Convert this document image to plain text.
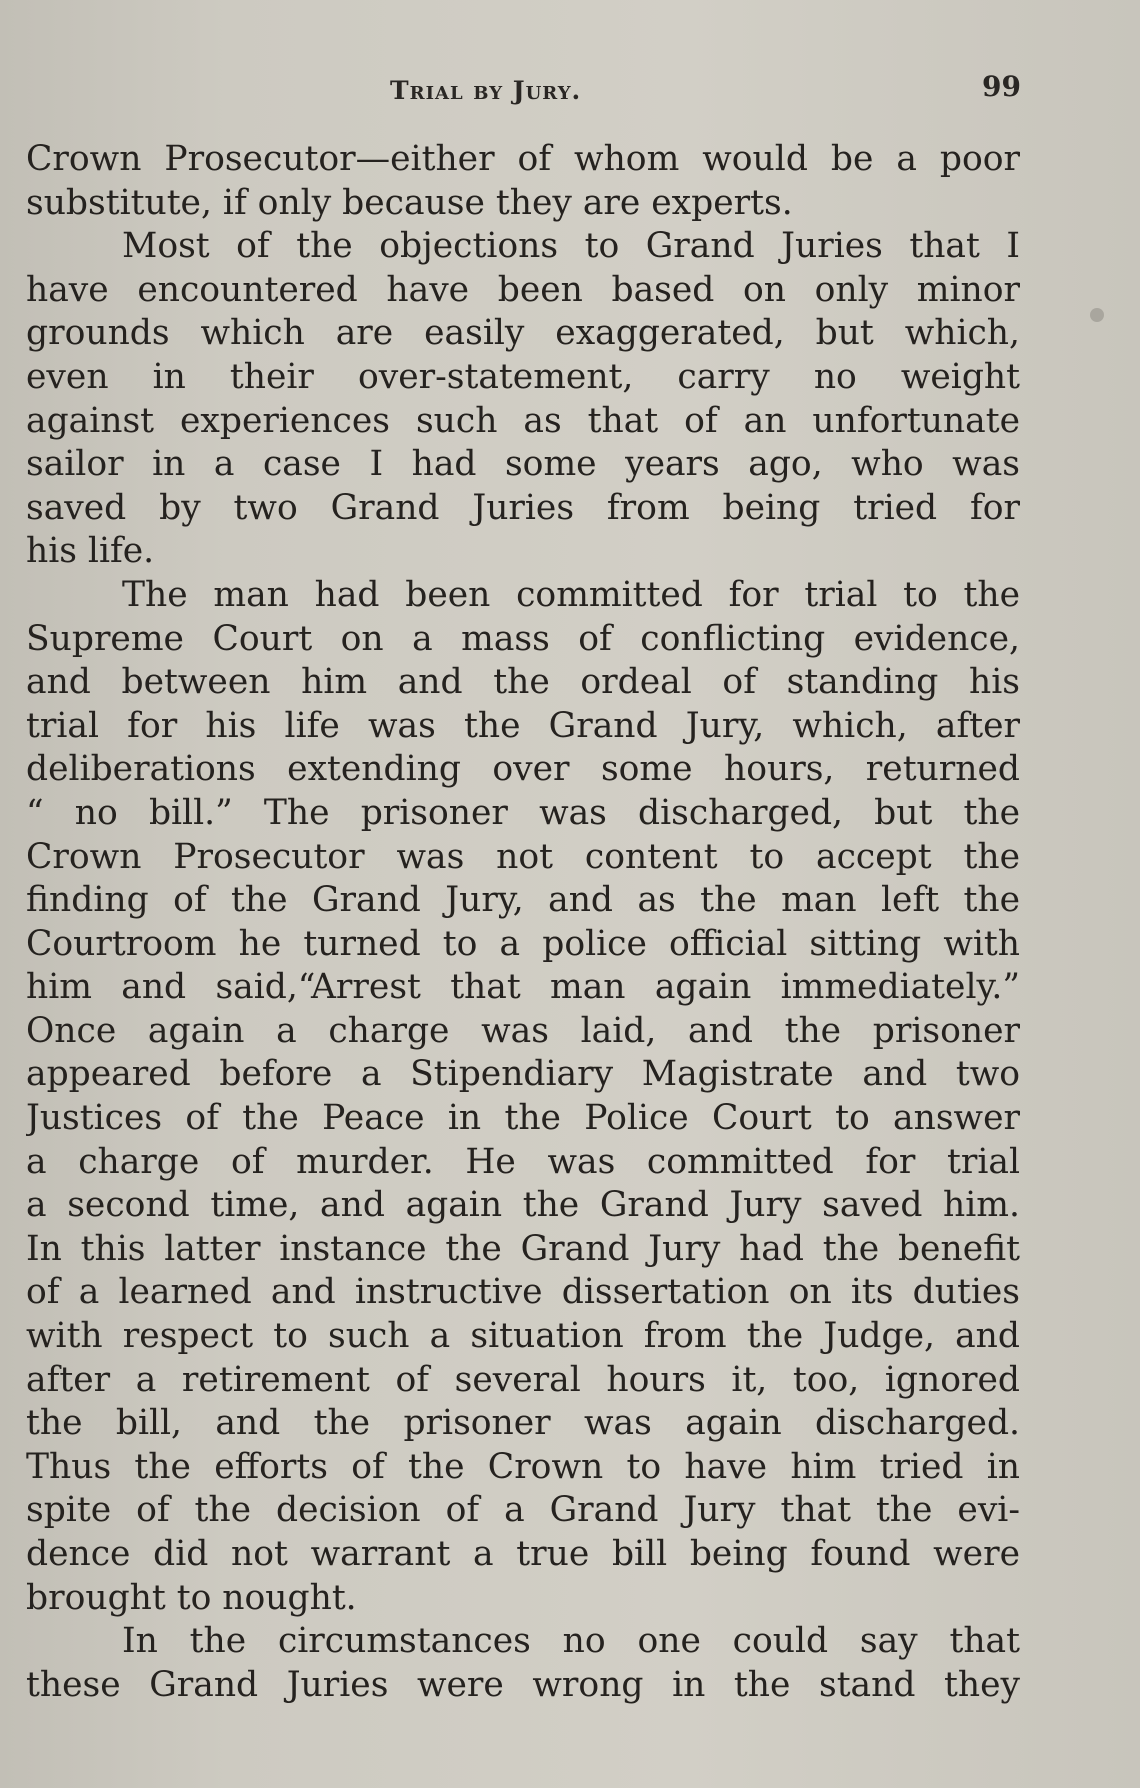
Trial by Jury.	99
Crown Prosecutor—either of whom would be a poor
substitute, if only because they are experts.
Most of the objections to Grand Juries that I
have encountered have been based on only minor
grounds which are easily exaggerated, but which,
even in their over-statement, carry no weight
against experiences such as that of an unfortunate
sailor in a case I had some years ago, who was
saved by two Grand Juries from being tried for
his life.
The man had been committed for trial to the
Supreme Court on a mass of conflicting evidence,
and between him and the ordeal of standing his
trial for his life was the Grand Jury, which, after
deliberations extending over some hours, returned
“ no bill.” The prisoner was discharged, but the
Crown Prosecutor was not content to accept the
finding of the Grand Jury, and as the man left the
Courtroom he turned to a police official sitting with
him and said,“Arrest that man again immediately.”
Once again a charge was laid, and the prisoner
appeared before a Stipendiary Magistrate and two
Justices of the Peace in the Police Court to answer
a charge of murder. He was committed for trial
a second time, and again the Grand Jury saved him.
In this latter instance the Grand Jury had the benefit
of a learned and instructive dissertation on its duties
with respect to such a situation from the Judge, and
after a retirement of several hours it, too, ignored
the bill, and the prisoner was again discharged.
Thus the efforts of the Crown to have him tried in
spite of the decision of a Grand Jury that the evi-
dence did not warrant a true bill being found were
brought to nought.
In the circumstances no one could say that
these Grand Juries were wrong in the stand they
